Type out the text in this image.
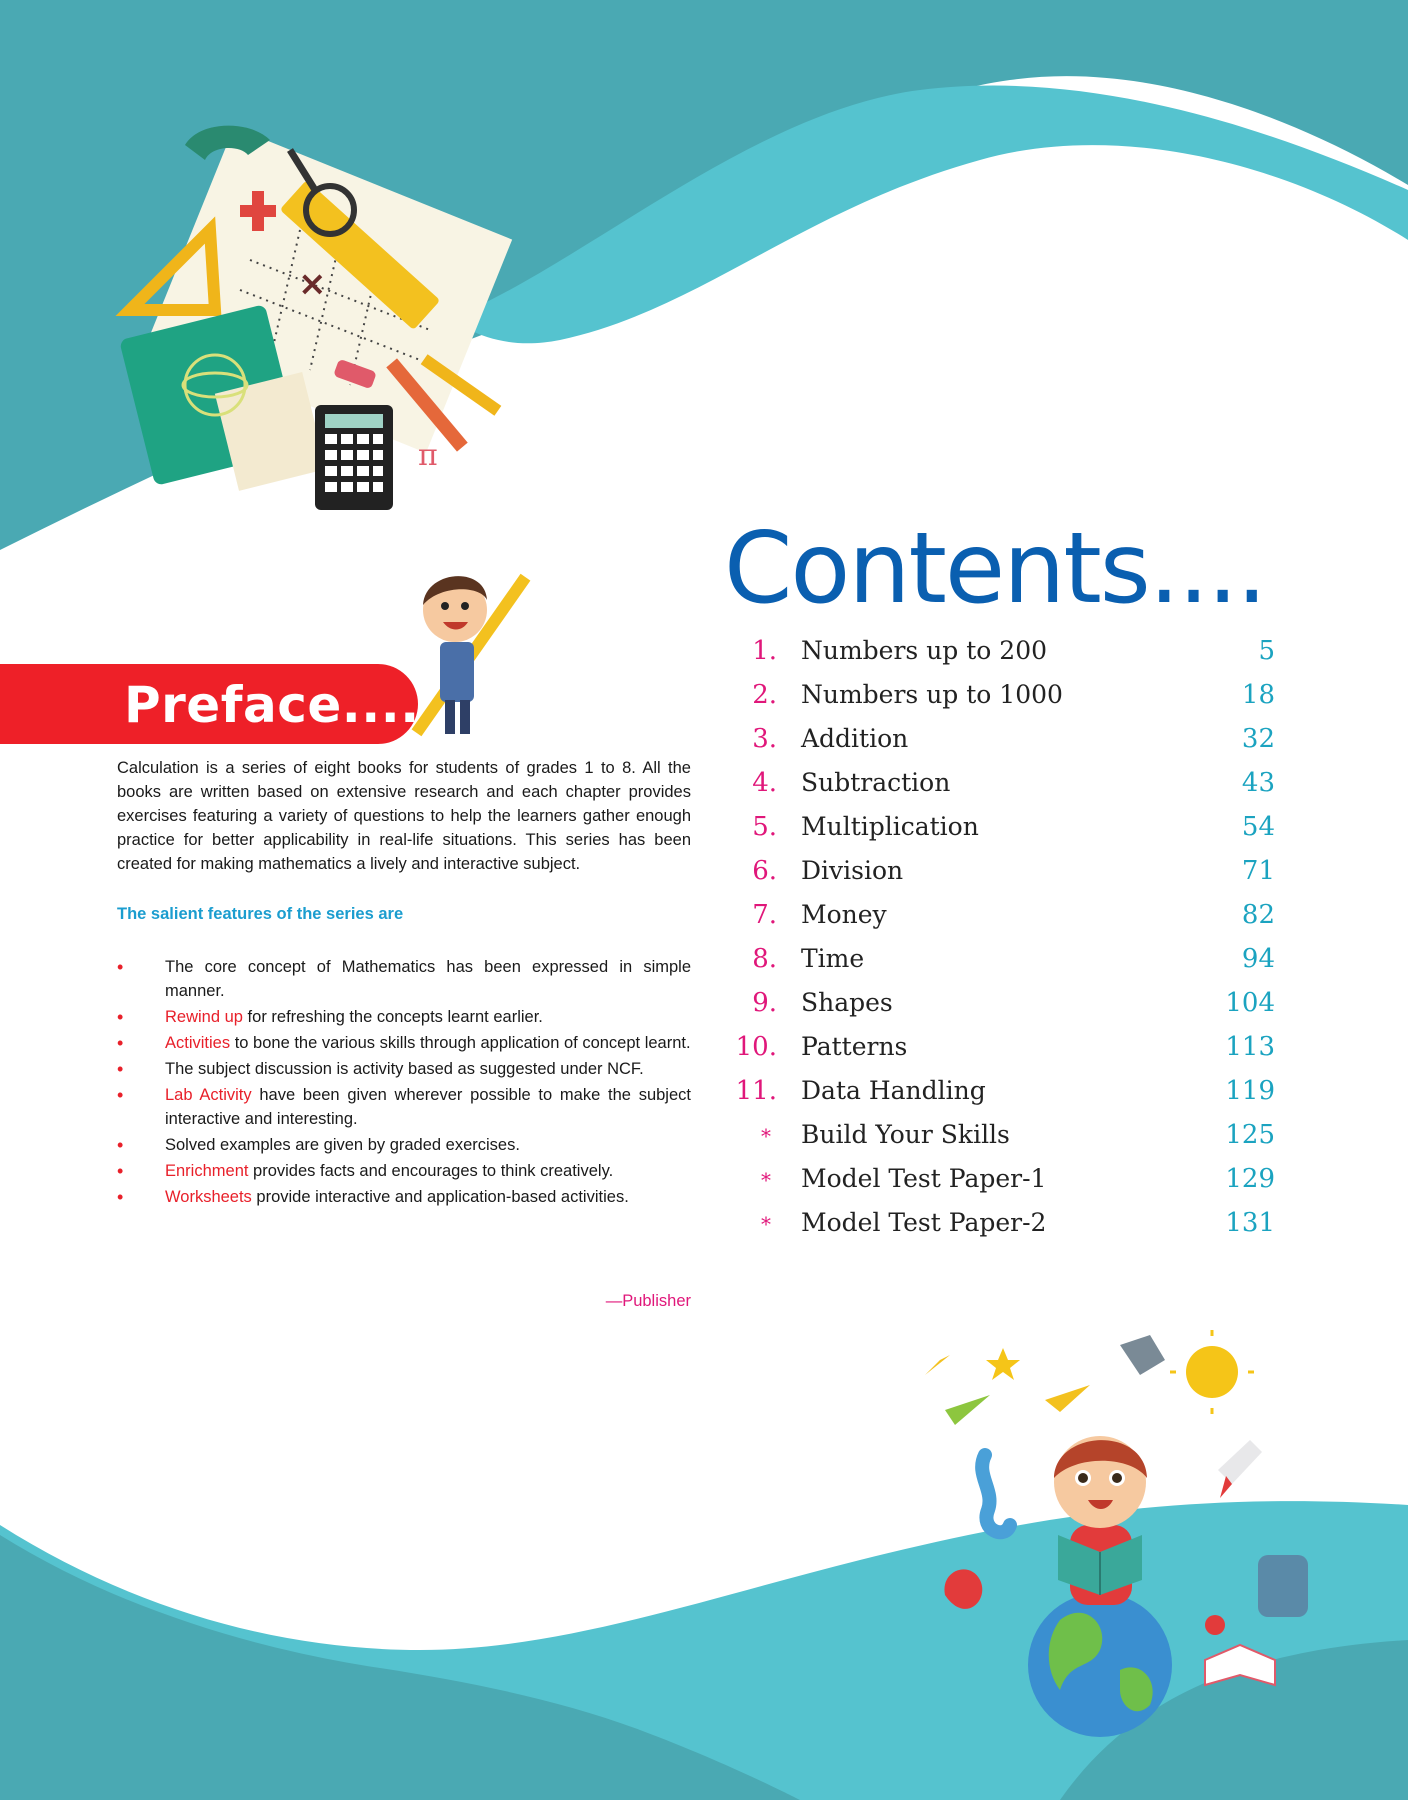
×
π
Contents....
1. Numbers up to 200	5
2. Numbers up to 1000	18
3. Addition	32
4. Subtraction	43
5. Multiplication	54
6. Division	71
7. Money	82
8. Time	94
9. Shapes	104
10. Patterns	113
11. Data Handling	119
* Build Your Skills	125
* Model Test Paper-1	129
* Model Test Paper-2	131
Preface....

Calculation is a series of eight books for students of grades 1 to 8. All the books are written based on extensive research and each chapter provides exercises featuring a variety of questions to help the learners gather enough practice for better applicability in real-life situations. This series has been created for making mathematics a lively and interactive subject.

The salient features of the series are
•	The core concept of Mathematics has been expressed in simple manner.
•	Rewind up for refreshing the concepts learnt earlier.
•	Activities to bone the various skills through application of concept learnt.
•	The subject discussion is activity based as suggested under NCF.
•	Lab Activity have been given wherever possible to make the subject interactive and interesting.
•	Solved examples are given by graded exercises.
•	Enrichment provides facts and encourages to think creatively.
•	Worksheets provide interactive and application-based activities.
—Publisher
